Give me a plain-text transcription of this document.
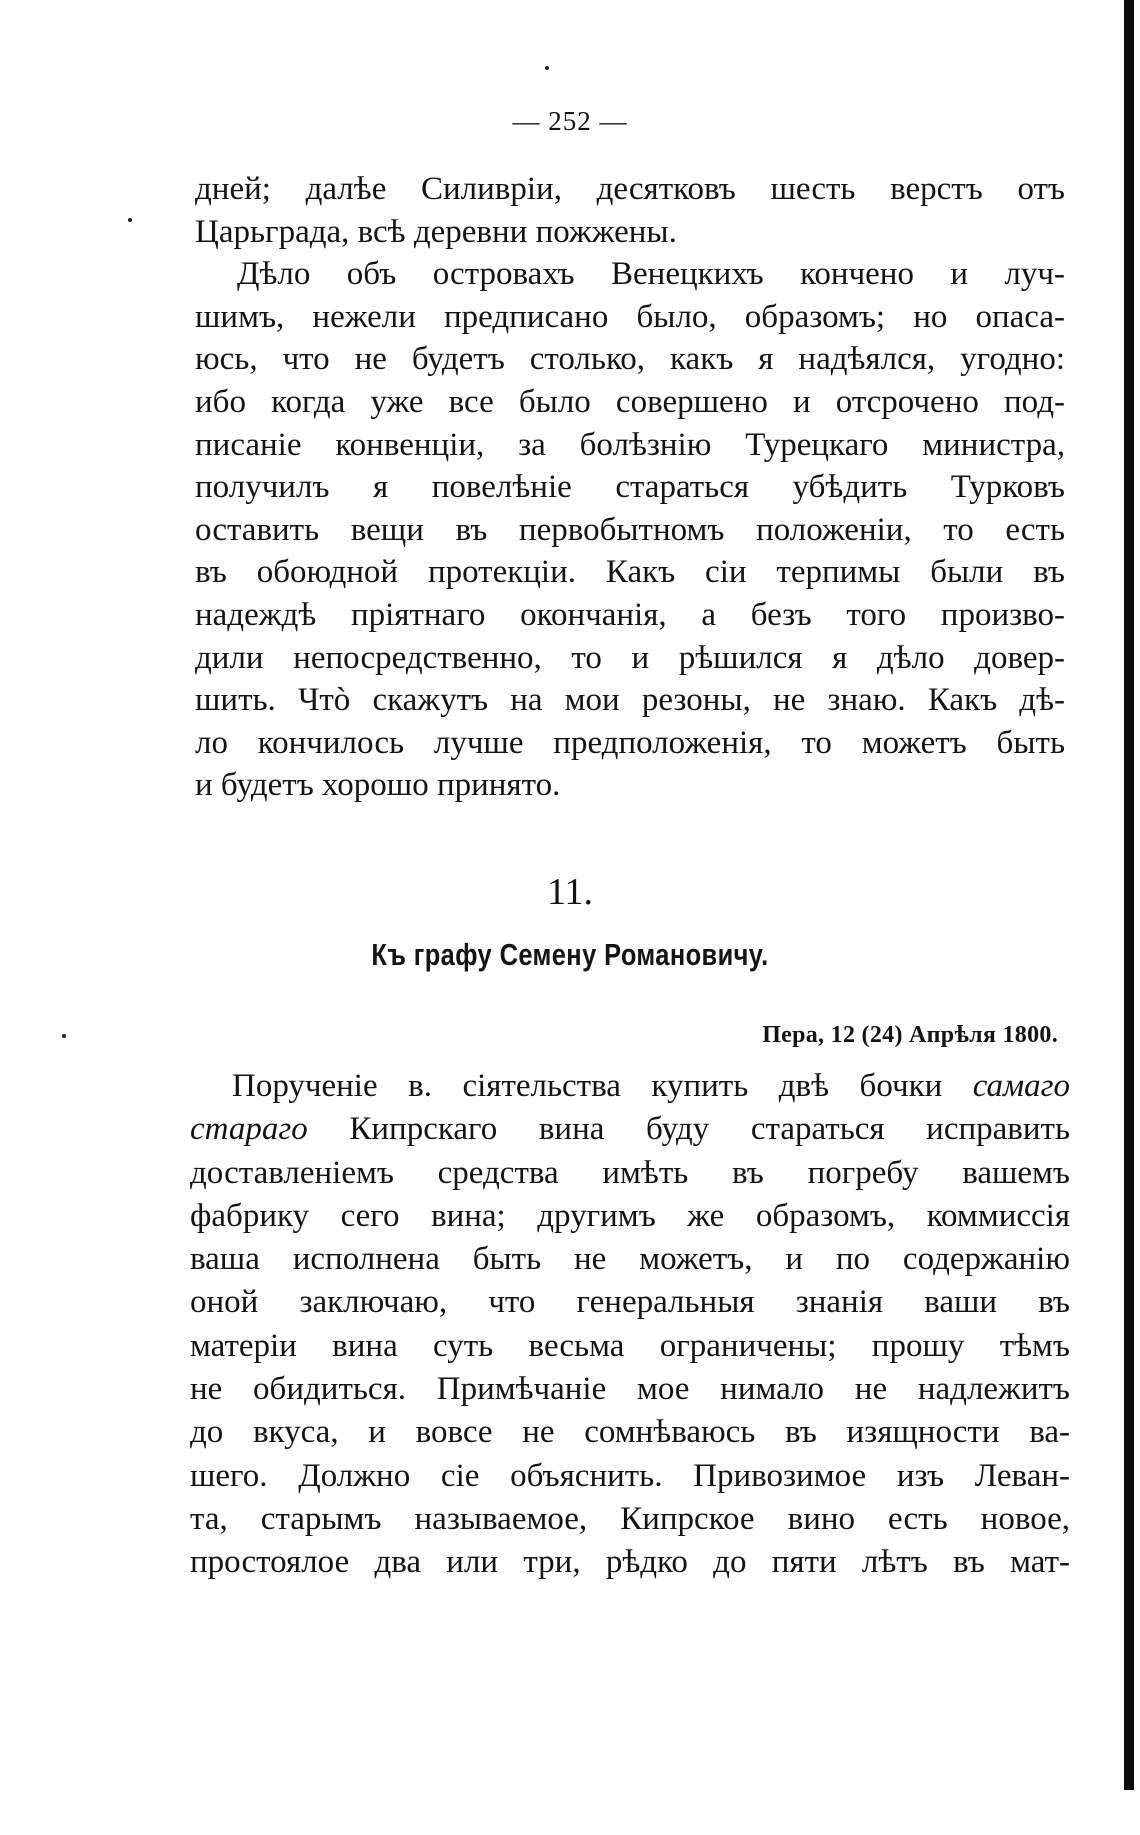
— 252 —
дней; далѣе Силиврiи, десятковъ шесть верстъ отъ
Царьграда, всѣ деревни пожжены.
Дѣло объ островахъ Венецкихъ кончено и луч-
шимъ, нежели предписано было, образомъ; но опаса-
юсь, что не будетъ столько, какъ я надѣялся, угодно:
ибо когда уже все было совершено и отсрочено под-
писанiе конвенцiи, за болѣзнiю Турецкаго министра,
получилъ я повелѣнiе стараться убѣдить Турковъ
оставить вещи въ первобытномъ положенiи, то есть
въ обоюдной протекцiи. Какъ сiи терпимы были въ
надеждѣ прiятнаго окончанiя, а безъ того произво-
дили непосредственно, то и рѣшился я дѣло довер-
шить. Чтò скажутъ на мои резоны, не знаю. Какъ дѣ-
ло кончилось лучше предположенiя, то можетъ быть
и будетъ хорошо принято.
11.
Къ графу Семену Романовичу.
Пера, 12 (24) Апрѣля 1800.
Порученiе в. сiятельства купить двѣ бочки самаго
стараго Кипрскаго вина буду стараться исправить
доставленiемъ средства имѣть въ погребу вашемъ
фабрику сего вина; другимъ же образомъ, коммиссiя
ваша исполнена быть не можетъ, и по содержанiю
оной заключаю, что генеральныя знанiя ваши въ
матерiи вина суть весьма ограничены; прошу тѣмъ
не обидиться. Примѣчанiе мое нимало не надлежитъ
до вкуса, и вовсе не сомнѣваюсь въ изящности ва-
шего. Должно сiе объяснить. Привозимое изъ Леван-
та, старымъ называемое, Кипрское вино есть новое,
простоялое два или три, рѣдко до пяти лѣтъ въ мат-
